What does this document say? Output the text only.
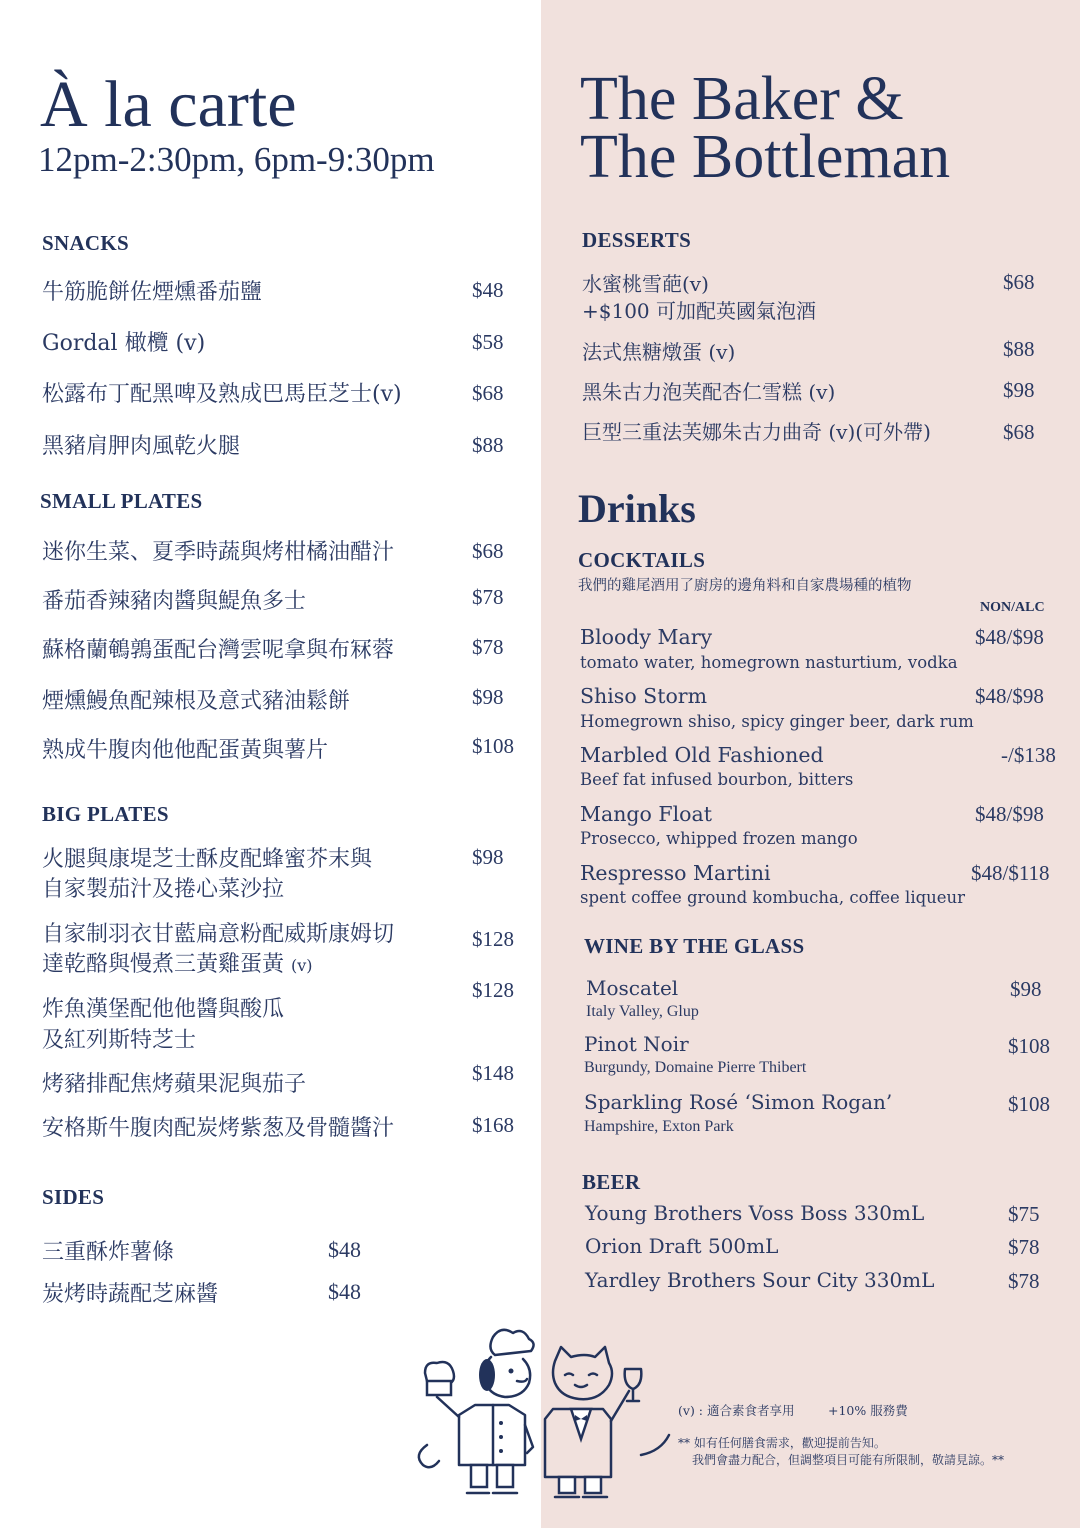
À la carte
12pm-2:30pm, 6pm-9:30pm
SNACKS
牛筋脆餅佐煙燻番茄鹽	$48
Gordal 橄欖 (v)	$58
松露布丁配黑啤及熟成巴馬臣芝士(v)	$68
黑豬肩胛肉風乾火腿	$88
SMALL PLATES
迷你生菜、夏季時蔬與烤柑橘油醋汁	$68
番茄香辣豬肉醬與鯷魚多士	$78
蘇格蘭鵪鶉蛋配台灣雲呢拿與布冧蓉	$78
煙燻鰻魚配辣根及意式豬油鬆餅	$98
熟成牛腹肉他他配蛋黃與薯片	$108
BIG PLATES
火腿與康堤芝士酥皮配蜂蜜芥末與
自家製茄汁及捲心菜沙拉
$98
自家制羽衣甘藍扁意粉配威斯康姆切
達乾酪與慢煮三黃雞蛋黃 (v)
$128
炸魚漢堡配他他醬與酸瓜
及紅列斯特芝士
$128
烤豬排配焦烤蘋果泥與茄子	$148
安格斯牛腹肉配炭烤紫葱及骨髓醬汁	$168
SIDES
三重酥炸薯條	$48
炭烤時蔬配芝麻醬	$48
The Baker &
The Bottleman
DESSERTS
水蜜桃雪葩(v)
+$100 可加配英國氣泡酒
$68
法式焦糖燉蛋 (v)	$88
黑朱古力泡芙配杏仁雪糕 (v)	$98
巨型三重法芙娜朱古力曲奇 (v)(可外帶)	$68
Drinks
COCKTAILS
我們的雞尾酒用了廚房的邊角料和自家農場種的植物
NON/ALC
Bloody Mary
tomato water, homegrown nasturtium, vodka
$48/$98
Shiso Storm
Homegrown shiso, spicy ginger beer, dark rum
$48/$98
Marbled Old Fashioned
Beef fat infused bourbon, bitters
-/$138
Mango Float
Prosecco, whipped frozen mango
$48/$98
Respresso Martini
spent coffee ground kombucha, coffee liqueur
$48/$118
WINE BY THE GLASS
Moscatel
Italy Valley, Glup
$98
Pinot Noir
Burgundy, Domaine Pierre Thibert
$108
Sparkling Rosé ‘Simon Rogan’
Hampshire, Exton Park
$108
BEER
Young Brothers Voss Boss 330mL	$75
Orion Draft 500mL	$78
Yardley Brothers Sour City 330mL	$78
(v) : 適合素食者享用	+10% 服務費
** 如有任何膳食需求，歡迎提前告知。
我們會盡力配合，但調整項目可能有所限制，敬請見諒。**
